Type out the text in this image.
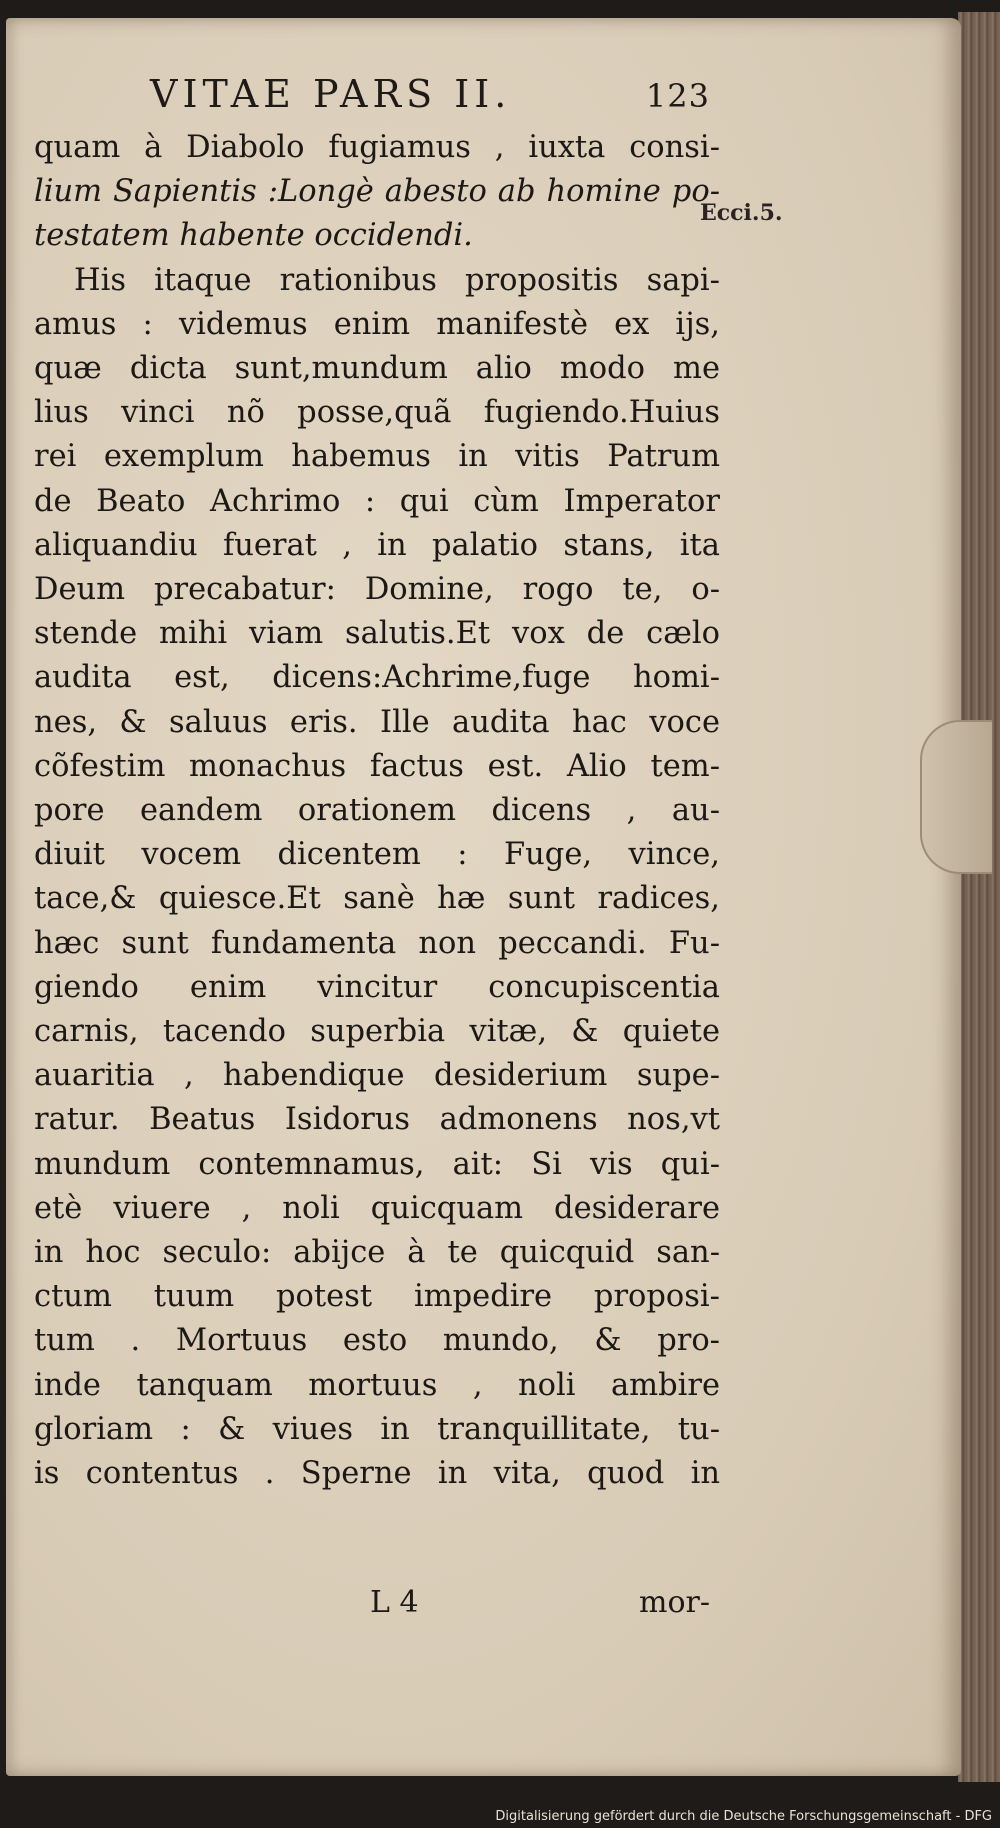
VITAE PARS II.	123
Ecci.5.
quam à Diabolo fugiamus , iuxta consi-
lium Sapientis :Longè abesto ab homine po-
testatem habente occidendi.
His itaque rationibus propositis sapi-
amus : videmus enim manifestè ex ijs,
quæ dicta sunt,mundum alio modo me
lius vinci nõ posse,quã fugiendo.Huius
rei exemplum habemus in vitis Patrum
de Beato Achrimo : qui cùm Imperator
aliquandiu fuerat , in palatio stans, ita
Deum precabatur: Domine, rogo te, o-
stende mihi viam salutis.Et vox de cælo
audita est, dicens:Achrime,fuge homi-
nes, & saluus eris. Ille audita hac voce
cõfestim monachus factus est. Alio tem-
pore eandem orationem dicens , au-
diuit vocem dicentem : Fuge, vince,
tace,& quiesce.Et sanè hæ sunt radices,
hæc sunt fundamenta non peccandi. Fu-
giendo enim vincitur concupiscentia
carnis, tacendo superbia vitæ, & quiete
auaritia , habendique desiderium supe-
ratur. Beatus Isidorus admonens nos,vt
mundum contemnamus, ait: Si vis qui-
etè viuere , noli quicquam desiderare
in hoc seculo: abijce à te quicquid san-
ctum tuum potest impedire proposi-
tum . Mortuus esto mundo, & pro-
inde tanquam mortuus , noli ambire
gloriam : & viues in tranquillitate, tu-
is contentus . Sperne in vita, quod in
L 4	mor-
Digitalisierung gefördert durch die Deutsche Forschungsgemeinschaft - DFG
